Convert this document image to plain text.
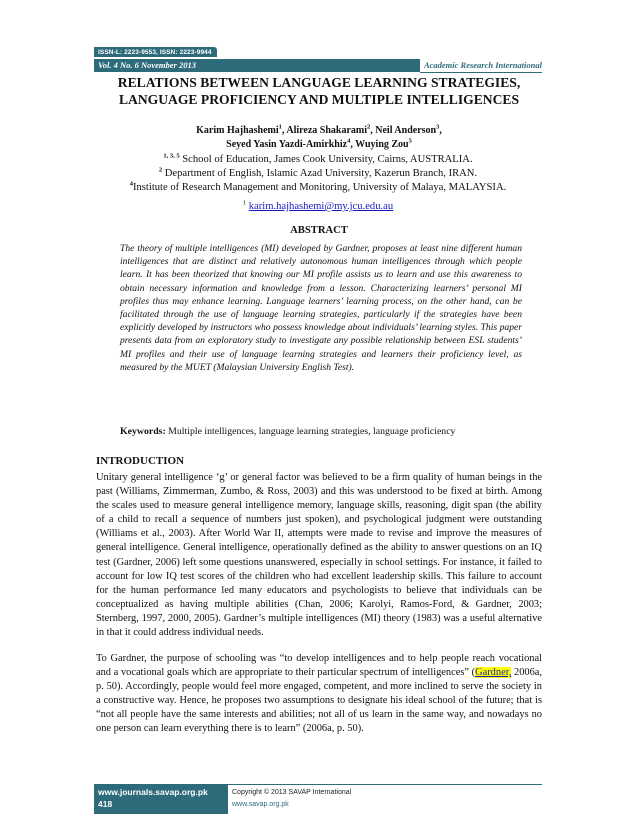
ISSN-L: 2223-9553, ISSN: 2223-9944
Vol. 4 No. 6 November 2013	Academic Research International
RELATIONS BETWEEN LANGUAGE LEARNING STRATEGIES,
LANGUAGE PROFICIENCY AND MULTIPLE INTELLIGENCES
Karim Hajhashemi$^1$, Alireza Shakarami$^2$, Neil Anderson$^3$,
Seyed Yasin Yazdi-Amirkhiz$^4$, Wuying Zou$^5$
$^{1, 3, 5}$ School of Education, James Cook University, Cairns, AUSTRALIA.
$^2$ Department of English, Islamic Azad University, Kazerun Branch, IRAN.
$^4$Institute of Research Management and Monitoring, University of Malaya, MALAYSIA.
$^1$ karim.hajhashemi@my.jcu.edu.au
ABSTRACT
The theory of multiple intelligences (MI) developed by Gardner, proposes at least nine different human intelligences that are distinct and relatively autonomous human intelligences through which people learn. It has been theorized that knowing our MI profile assists us to learn and use this awareness to obtain necessary information and knowledge from a lesson. Characterizing learners’ personal MI profiles thus may enhance learning. Language learners’ learning process, on the other hand, can be facilitated through the use of language learning strategies, particularly if the strategies have been explicitly developed by instructors who possess knowledge about individuals’ learning styles. This paper presents data from an exploratory study to investigate any possible relationship between ESL students’ MI profiles and their use of language learning strategies and learners their proficiency level, as measured by the MUET (Malaysian University English Test).
Keywords: Multiple intelligences, language learning strategies, language proficiency
INTRODUCTION
Unitary general intelligence ‘g’ or general factor was believed to be a firm quality of human beings in the past (Williams, Zimmerman, Zumbo, & Ross, 2003) and this was understood to be fixed at birth. Among the scales used to measure general intelligence memory, language skills, reasoning, digit span (the ability of a child to recall a sequence of numbers just spoken), and psychological judgment were outstanding (Williams et al., 2003). After World War II, attempts were made to revise and improve the measures of general intelligence. General intelligence, operationally defined as the ability to answer questions on an IQ test (Gardner, 2006) left some questions unanswered, especially in school settings. For instance, it failed to account for low IQ test scores of the children who had excellent leadership skills. This failure to account for the human performance led many educators and psychologists to believe that individuals can be conceptualized as having multiple abilities (Chan, 2006; Karolyi, Ramos-Ford, & Gardner, 2003; Sternberg, 1997, 2000, 2005). Gardner’s multiple intelligences (MI) theory (1983) was a useful alternative in that it could address individual needs.
To Gardner, the purpose of schooling was “to develop intelligences and to help people reach vocational and a vocational goals which are appropriate to their particular spectrum of intelligences” (Gardner, 2006a, p. 50). Accordingly, people would feel more engaged, competent, and more inclined to serve the society in a constructive way. Hence, he proposes two assumptions to designate his ideal school of the future; that is “not all people have the same interests and abilities; not all of us learn in the same way, and nowadays no one person can learn everything there is to learn” (2006a, p. 50).
www.journals.savap.org.pk
418
Copyright © 2013 SAVAP International
www.savap.org.pk
